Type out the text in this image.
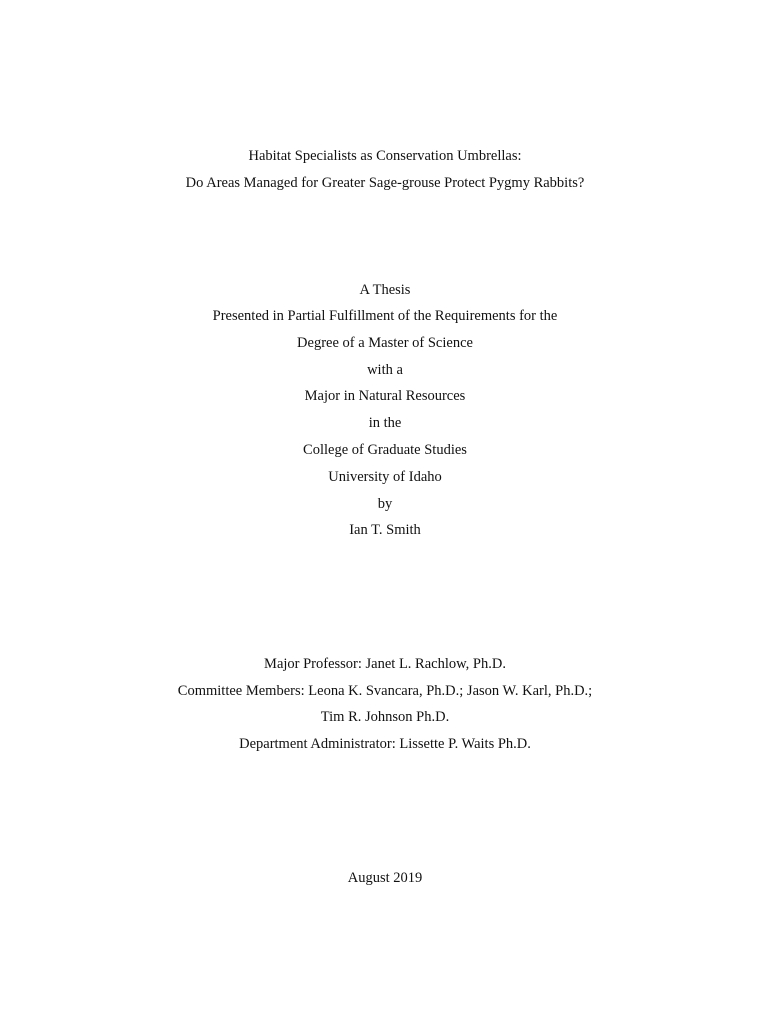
Habitat Specialists as Conservation Umbrellas:
Do Areas Managed for Greater Sage-grouse Protect Pygmy Rabbits?
A Thesis
Presented in Partial Fulfillment of the Requirements for the
Degree of a Master of Science
with a
Major in Natural Resources
in the
College of Graduate Studies
University of Idaho
by
Ian T. Smith
Major Professor: Janet L. Rachlow, Ph.D.
Committee Members: Leona K. Svancara, Ph.D.; Jason W. Karl, Ph.D.;
Tim R. Johnson Ph.D.
Department Administrator: Lissette P. Waits Ph.D.
August 2019
